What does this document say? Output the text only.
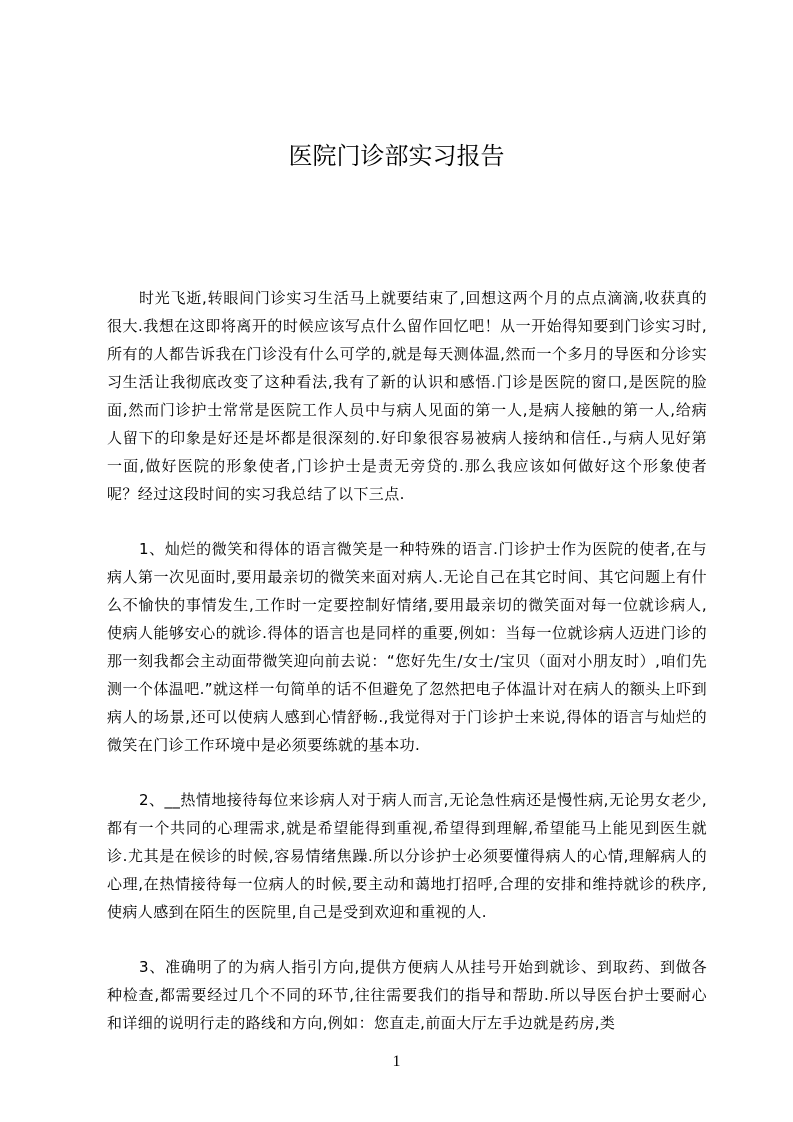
医院门诊部实习报告

时光飞逝,转眼间门诊实习生活马上就要结束了,回想这两个月的点点滴滴,收获真的很大.我想在这即将离开的时候应该写点什么留作回忆吧！从一开始得知要到门诊实习时,所有的人都告诉我在门诊没有什么可学的,就是每天测体温,然而一个多月的导医和分诊实习生活让我彻底改变了这种看法,我有了新的认识和感悟.门诊是医院的窗口,是医院的脸面,然而门诊护士常常是医院工作人员中与病人见面的第一人,是病人接触的第一人,给病人留下的印象是好还是坏都是很深刻的.好印象很容易被病人接纳和信任.,与病人见好第一面,做好医院的形象使者,门诊护士是责无旁贷的.那么我应该如何做好这个形象使者呢？经过这段时间的实习我总结了以下三点.

1、灿烂的微笑和得体的语言微笑是一种特殊的语言.门诊护士作为医院的使者,在与病人第一次见面时,要用最亲切的微笑来面对病人.无论自己在其它时间、其它问题上有什么不愉快的事情发生,工作时一定要控制好情绪,要用最亲切的微笑面对每一位就诊病人,使病人能够安心的就诊.得体的语言也是同样的重要,例如：当每一位就诊病人迈进门诊的那一刻我都会主动面带微笑迎向前去说：“您好先生/女士/宝贝（面对小朋友时）,咱们先测一个体温吧.”就这样一句简单的话不但避免了忽然把电子体温计对在病人的额头上吓到病人的场景,还可以使病人感到心情舒畅.,我觉得对于门诊护士来说,得体的语言与灿烂的微笑在门诊工作环境中是必须要练就的基本功.

2、__热情地接待每位来诊病人对于病人而言,无论急性病还是慢性病,无论男女老少,都有一个共同的心理需求,就是希望能得到重视,希望得到理解,希望能马上能见到医生就诊.尤其是在候诊的时候,容易情绪焦躁.所以分诊护士必须要懂得病人的心情,理解病人的心理,在热情接待每一位病人的时候,要主动和蔼地打招呼,合理的安排和维持就诊的秩序,使病人感到在陌生的医院里,自己是受到欢迎和重视的人.

3、准确明了的为病人指引方向,提供方便病人从挂号开始到就诊、到取药、到做各种检查,都需要经过几个不同的环节,往往需要我们的指导和帮助.所以导医台护士要耐心和详细的说明行走的路线和方向,例如：您直走,前面大厅左手边就是药房,类

1
